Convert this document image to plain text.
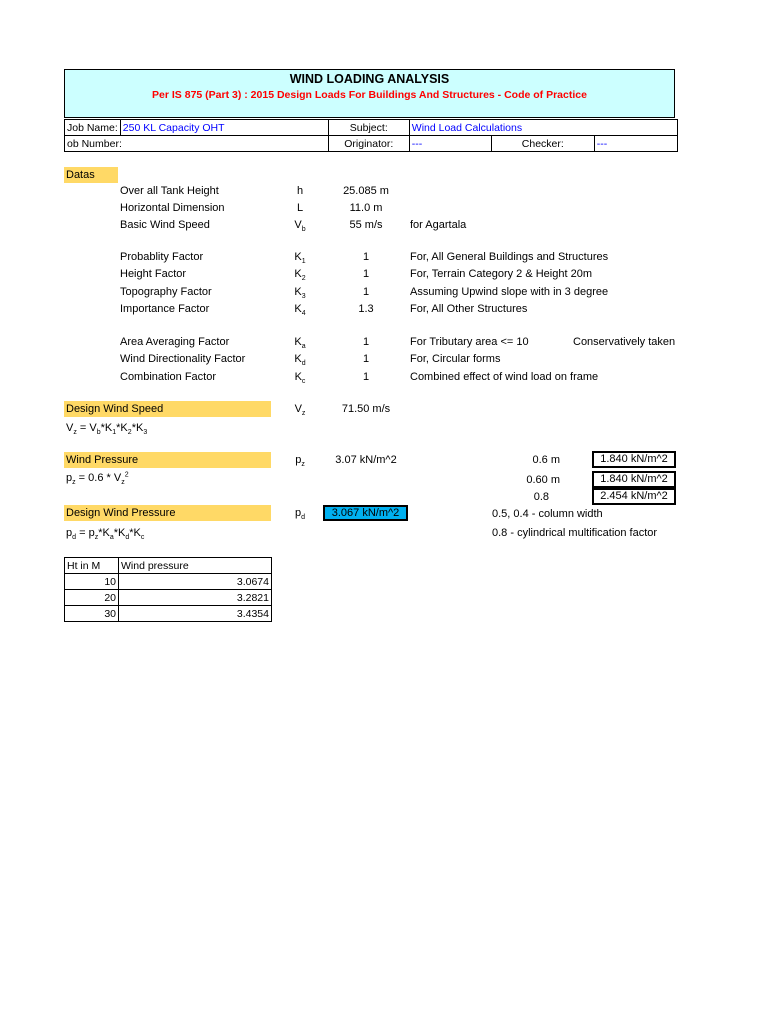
WIND LOADING ANALYSIS
Per IS 875 (Part 3) : 2015 Design Loads For Buildings And Structures - Code of Practice
Job Name:	250 KL Capacity OHT	Subject:	Wind Load Calculations		
ob Number:		Originator:	---	Checker:	---
Datas
Over all Tank Height	h	25.085 m
Horizontal Dimension	L	11.0 m
Basic Wind Speed	$V_b$	55 m/s	for Agartala
Probablity Factor	$K_1$	1	For, All General Buildings and Structures
Height Factor	$K_2$	1	For, Terrain Category 2 & Height 20m
Topography Factor	$K_3$	1	Assuming Upwind slope with in 3 degree
Importance Factor	$K_4$	1.3	For, All Other Structures
Area Averaging Factor	$K_a$	1	For Tributary area <= 10	Conservatively taken
Wind Directionality Factor	$K_d$	1	For, Circular forms
Combination Factor	$K_c$	1	Combined effect of wind load on frame
Design Wind Speed	$V_z$	71.50 m/s
$V_z = V_b*K_1*K_2*K_3$
Wind Pressure	$p_z$	3.07 kN/m^2
$p_z = 0.6 * V_z^2$
0.6 m	1.840 kN/m^2
0.60 m	1.840 kN/m^2
0.8	2.454 kN/m^2
Design Wind Pressure	$p_d$	3.067 kN/m^2	0.5, 0.4 - column width
$p_d = p_z*K_a*K_d*K_c$	0.8 - cylindrical multification factor
Ht in M	Wind pressure
10	3.0674
20	3.2821
30	3.4354
